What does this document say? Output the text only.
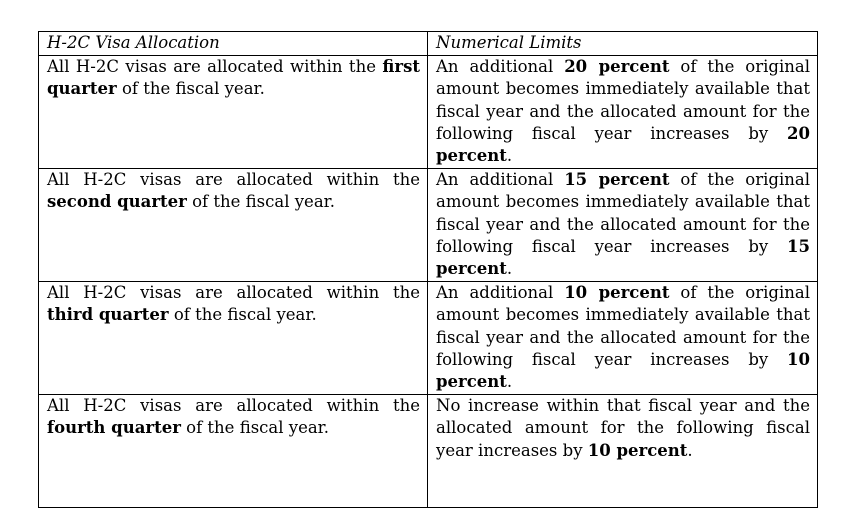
H-2C Visa Allocation	Numerical Limits
All H-2C visas are allocated within the first quarter of the fiscal year.	An additional 20 percent of the original amount becomes immediately available that fiscal year and the allocated amount for the following fiscal year increases by 20 percent.
All H-2C visas are allocated within the second quarter of the fiscal year.	An additional 15 percent of the original amount becomes immediately available that fiscal year and the allocated amount for the following fiscal year increases by 15 percent.
All H-2C visas are allocated within the third quarter of the fiscal year.	An additional 10 percent of the original amount becomes immediately available that fiscal year and the allocated amount for the following fiscal year increases by 10 percent.
All H-2C visas are allocated within the fourth quarter of the fiscal year.	No increase within that fiscal year and the allocated amount for the following fiscal year increases by 10 percent.
